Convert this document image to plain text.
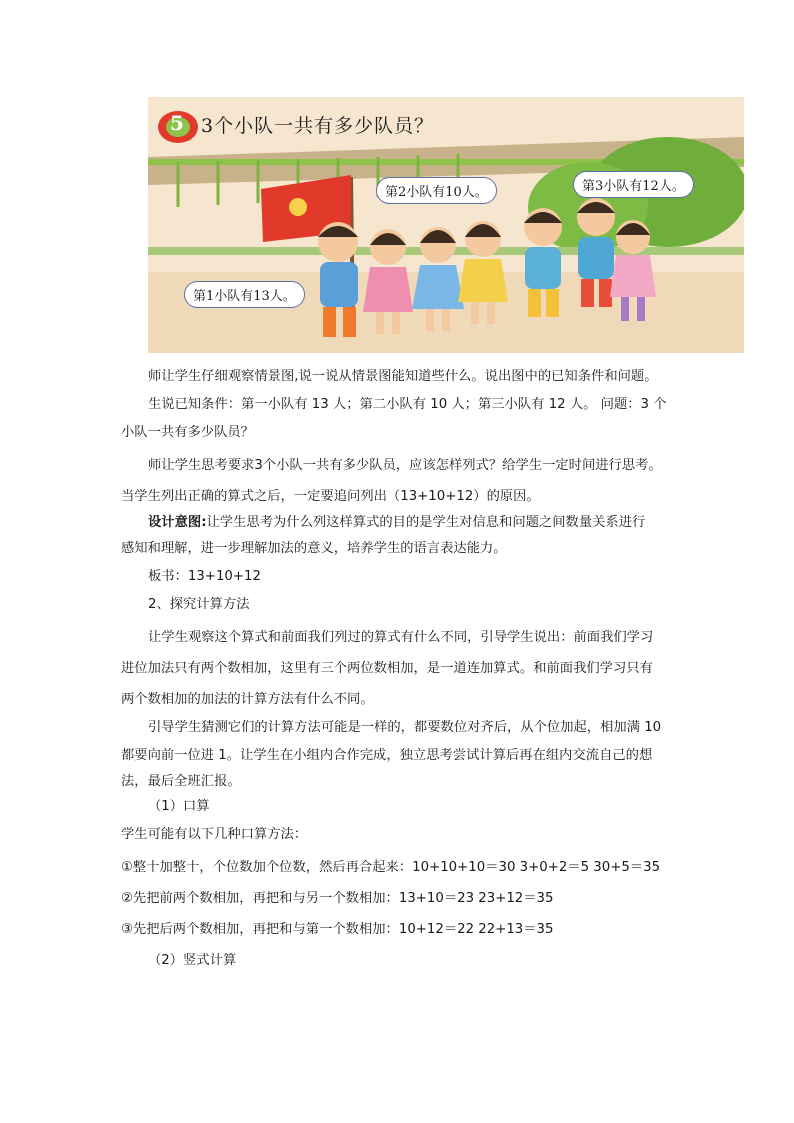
5 3个小队一共有多少队员？
第1小队有13人。
第2小队有10人。	第3小队有12人。
师让学生仔细观察情景图,说一说从情景图能知道些什么。说出图中的已知条件和问题。
生说已知条件：第一小队有 13 人；第二小队有 10 人；第三小队有 12 人。 问题：3 个
小队一共有多少队员？
师让学生思考要求3个小队一共有多少队员，应该怎样列式？给学生一定时间进行思考。
当学生列出正确的算式之后，一定要追问列出（13+10+12）的原因。
设计意图:让学生思考为什么列这样算式的目的是学生对信息和问题之间数量关系进行
感知和理解，进一步理解加法的意义，培养学生的语言表达能力。
板书：13+10+12
2、探究计算方法
让学生观察这个算式和前面我们列过的算式有什么不同，引导学生说出：前面我们学习
进位加法只有两个数相加，这里有三个两位数相加，是一道连加算式。和前面我们学习只有
两个数相加的加法的计算方法有什么不同。
引导学生猜测它们的计算方法可能是一样的，都要数位对齐后，从个位加起，相加满 10
都要向前一位进 1。让学生在小组内合作完成，独立思考尝试计算后再在组内交流自己的想
法，最后全班汇报。
（1）口算
学生可能有以下几种口算方法：
①整十加整十，个位数加个位数，然后再合起来：10+10+10＝30 3+0+2＝5 30+5＝35
②先把前两个数相加，再把和与另一个数相加：13+10＝23 23+12＝35
③先把后两个数相加，再把和与第一个数相加：10+12＝22 22+13＝35
（2）竖式计算
